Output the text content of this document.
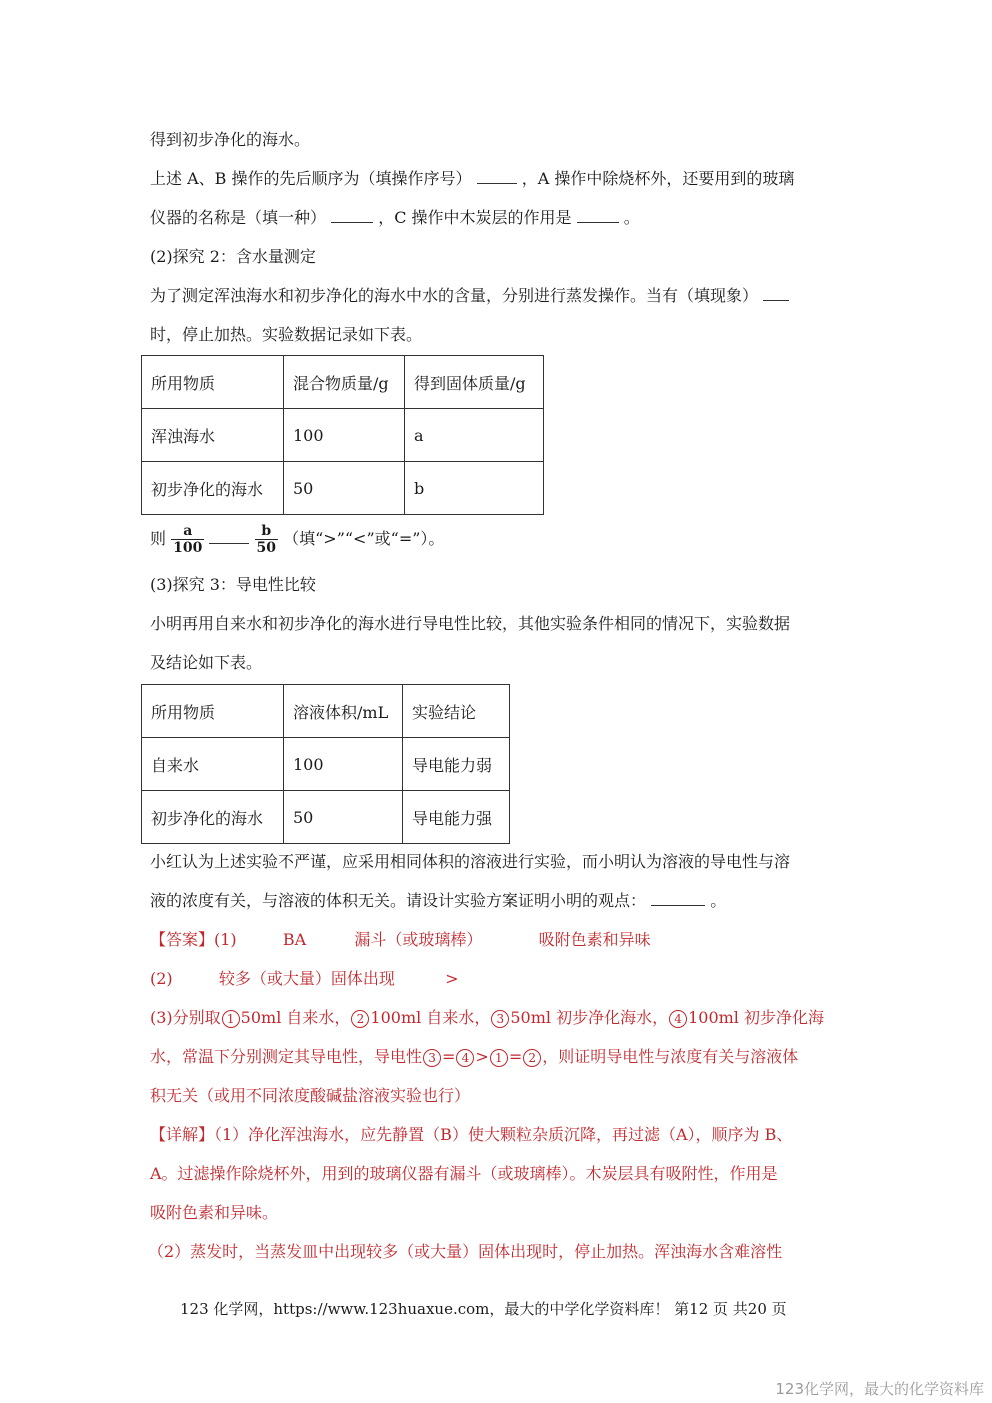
得到初步净化的海水。
上述 A、B 操作的先后顺序为（填操作序号）	，A 操作中除烧杯外，还要用到的玻璃
仪器的名称是（填一种）	，C 操作中木炭层的作用是	。
(2)探究 2：含水量测定
为了测定浑浊海水和初步净化的海水中水的含量，分别进行蒸发操作。当有（填现象）
时，停止加热。实验数据记录如下表。
所用物质	混合物质量/g	得到固体质量/g
浑浊海水	100	a
初步净化的海水	50	b
则 $\frac{a}{100}$
	$\frac{b}{50}$ （填“>”“<”或“=”）。
(3)探究 3：导电性比较
小明再用自来水和初步净化的海水进行导电性比较，其他实验条件相同的情况下，实验数据
及结论如下表。
所用物质	溶液体积/mL	实验结论
自来水	100	导电能力弱
初步净化的海水	50	导电能力强
小红认为上述实验不严谨，应采用相同体积的溶液进行实验，而小明认为溶液的导电性与溶
液的浓度有关，与溶液的体积无关。请设计实验方案证明小明的观点：	。
【答案】(1)	BA	漏斗（或玻璃棒）	吸附色素和异味
(2)	较多（或大量）固体出现	>
(3)分别取 1 50ml 自来水， 2 100ml 自来水， 3 50ml 初步净化海水， 4 100ml 初步净化海
水，常温下分别测定其导电性，导电性 3 = 4 > 1 = 2 ，则证明导电性与浓度有关与溶液体
积无关（或用不同浓度酸碱盐溶液实验也行）
【详解】（1）净化浑浊海水，应先静置（B）使大颗粒杂质沉降，再过滤（A），顺序为 B、
A。过滤操作除烧杯外，用到的玻璃仪器有漏斗（或玻璃棒）。木炭层具有吸附性，作用是
吸附色素和异味。
（2）蒸发时，当蒸发皿中出现较多（或大量）固体出现时，停止加热。浑浊海水含难溶性
123 化学网，https://www.123huaxue.com，最大的中学化学资料库！ 第12 页 共20 页
123化学网，最大的化学资料库
